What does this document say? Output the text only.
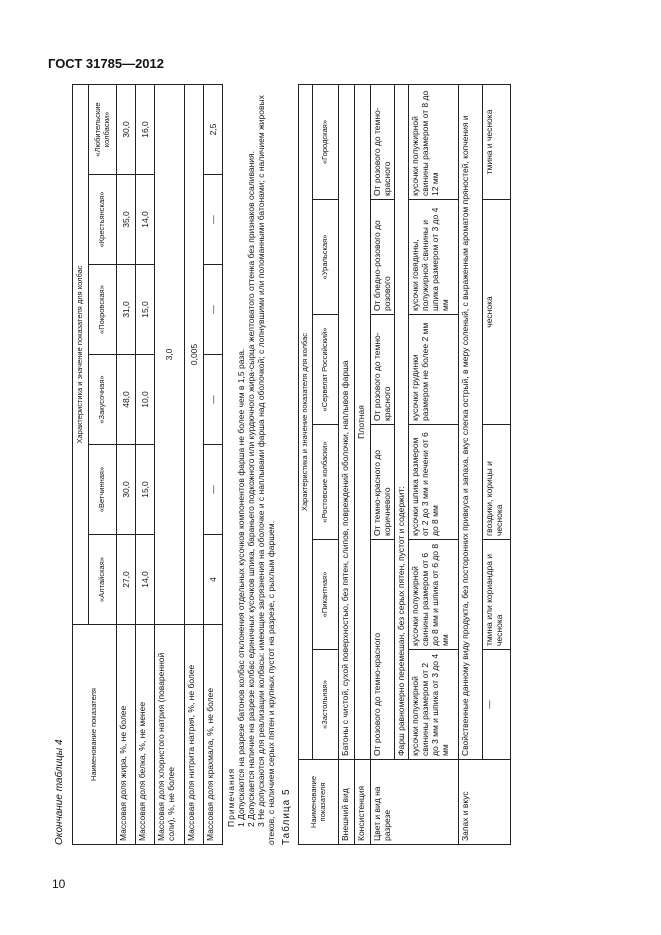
ГОСТ 31785—2012
Окончание таблицы 4
Наименование показателя	Характеристика и значение показателя для колбас					
	«Алтайская»	«Ветчинная»	«Закусочная»	«Покровская»	«Крестьянская»	«Любительские колбаски»
Массовая доля жира, %, не более	27,0	30,0	48,0	31,0	35,0	30,0
Массовая доля белка, %, не менее	14,0	15,0	10,0	15,0	14,0	16,0
Массовая доля хлористого натрия (поваренной соли), %, не более	3,0					
Массовая доля нитрита натрия, %, не более	0,005					
Массовая доля крахмала, %, не более	4	—	—	—	—	2,5

Примечания 1 Допускаются на разрезе батонов колбас отклонения отдельных кусочков компонентов фарша не более чем в 1,5 раза. 2 Допускается наличие на разрезе колбас единичных кусочков шпика, бараньего подкожного или курдючного жира-сырца желтоватого оттенка без признаков осаливания. 3 Не допускаются для реализации колбасы: имеющие загрязнения на оболочке и с наплывами фарша над оболочкой; с лопнувшими или поломанными батонами; с наличием жировых отеков, с наличием серых пятен и крупных пустот на разрезе, с рыхлым фаршем. Таблица 5	Наименование показателя	Характеристика и значение показателя для колбас					
	«Застольная»	«Пикантная»	«Ростовские колбаски»	«Сервелат Российский»	«Уральская»	«Городская»
Внешний вид	Батоны с чистой, сухой поверхностью, без пятен, слипов, повреждений оболочки, наплывов фарша					
Консистенция	Плотная					
Цвет и вид на разрезе	От розового до темно-красного		От темно-красного до коричневого	От розового до темно-красного	От бледно-розового до розового	От розового до темно-красного
	Фарш равномерно перемешан, без серых пятен, пустот и содержит:					
	кусочки полужирной свинины размером от 2 до 3 мм и шпика от 3 до 4 мм	кусочки полужирной свинины размером от 6 до 8 мм и шпика от 6 до 8 мм	кусочки шпика размером от 2 до 3 мм и печени от 6 до 8 мм	кусочки грудинки размером не более 2 мм	кусочки говядины, полужирной свинины и шпика размером от 3 до 4 мм	кусочки полужирной свинины размером от 8 до 12 мм
Запах и вкус	Свойственные данному виду продукта, без посторонних привкуса и запаха, вкус слегка острый, в меру соленый, с выраженным ароматом пряностей, копчения и					
	—	тмина или кориандра и чеснока	гвоздики, корицы и чеснока	чеснока		тмина и чеснока
10
